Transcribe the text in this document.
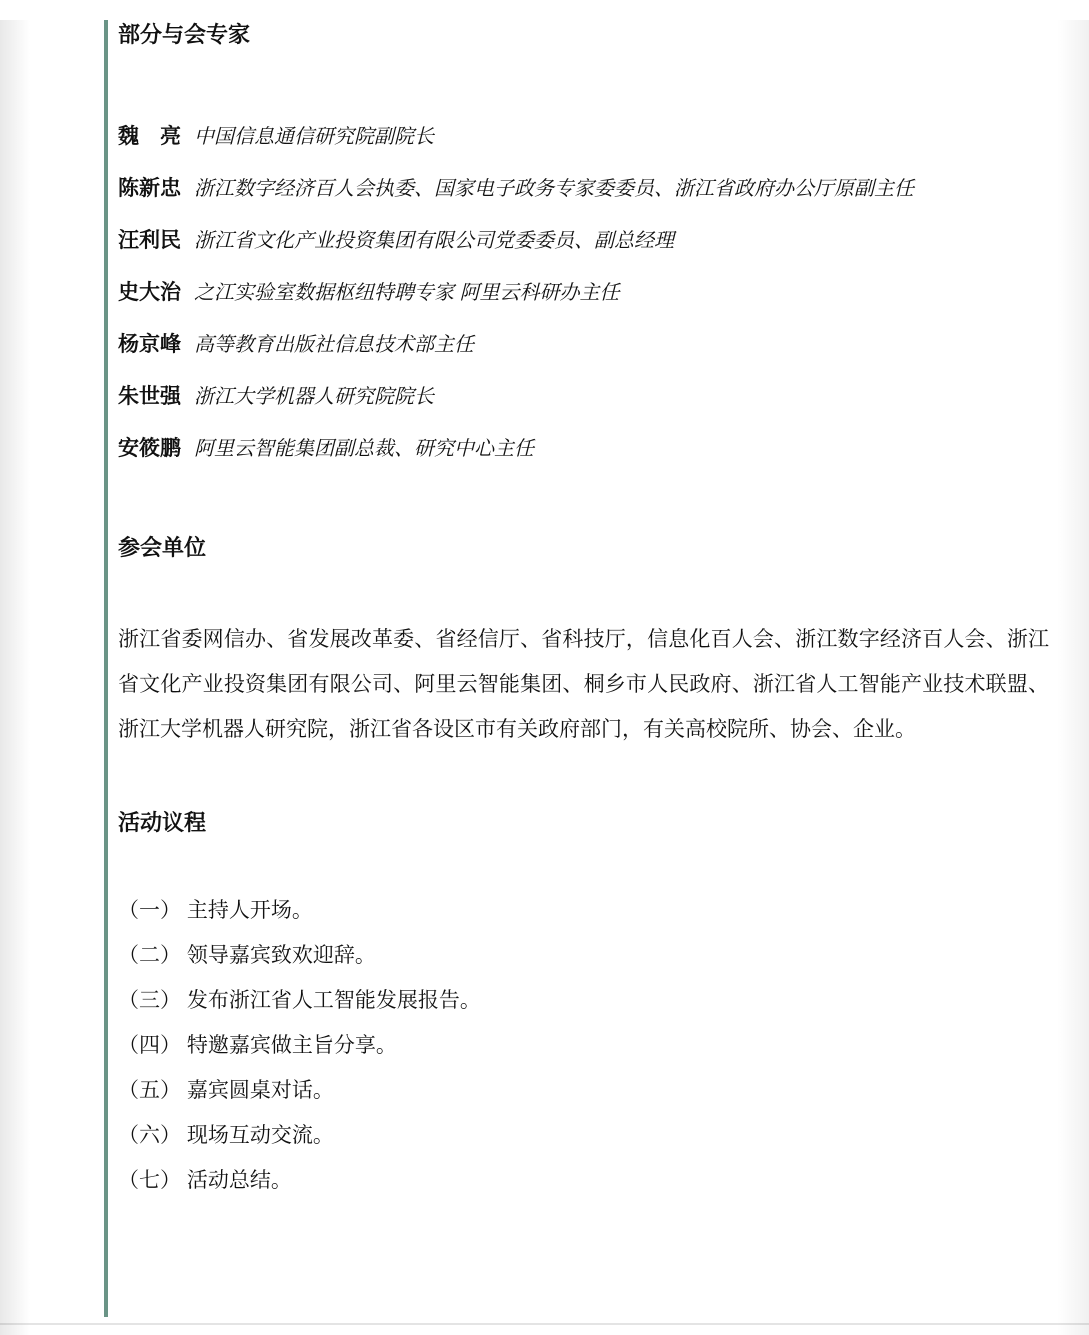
部分与会专家

魏　亮 中国信息通信研究院副院长

陈新忠 浙江数字经济百人会执委、国家电子政务专家委委员、浙江省政府办公厅原副主任

汪利民 浙江省文化产业投资集团有限公司党委委员、副总经理

史大治 之江实验室数据枢纽特聘专家 阿里云科研办主任

杨京峰 高等教育出版社信息技术部主任

朱世强 浙江大学机器人研究院院长

安筱鹏 阿里云智能集团副总裁、研究中心主任

参会单位

浙江省委网信办、省发展改革委、省经信厅、省科技厅，信息化百人会、浙江数字经济百人会、浙江省文化产业投资集团有限公司、阿里云智能集团、桐乡市人民政府、浙江省人工智能产业技术联盟、浙江大学机器人研究院，浙江省各设区市有关政府部门，有关高校院所、协会、企业。

活动议程

（一） 主持人开场。

（二） 领导嘉宾致欢迎辞。

（三） 发布浙江省人工智能发展报告。

（四） 特邀嘉宾做主旨分享。

（五） 嘉宾圆桌对话。

（六） 现场互动交流。

（七） 活动总结。
